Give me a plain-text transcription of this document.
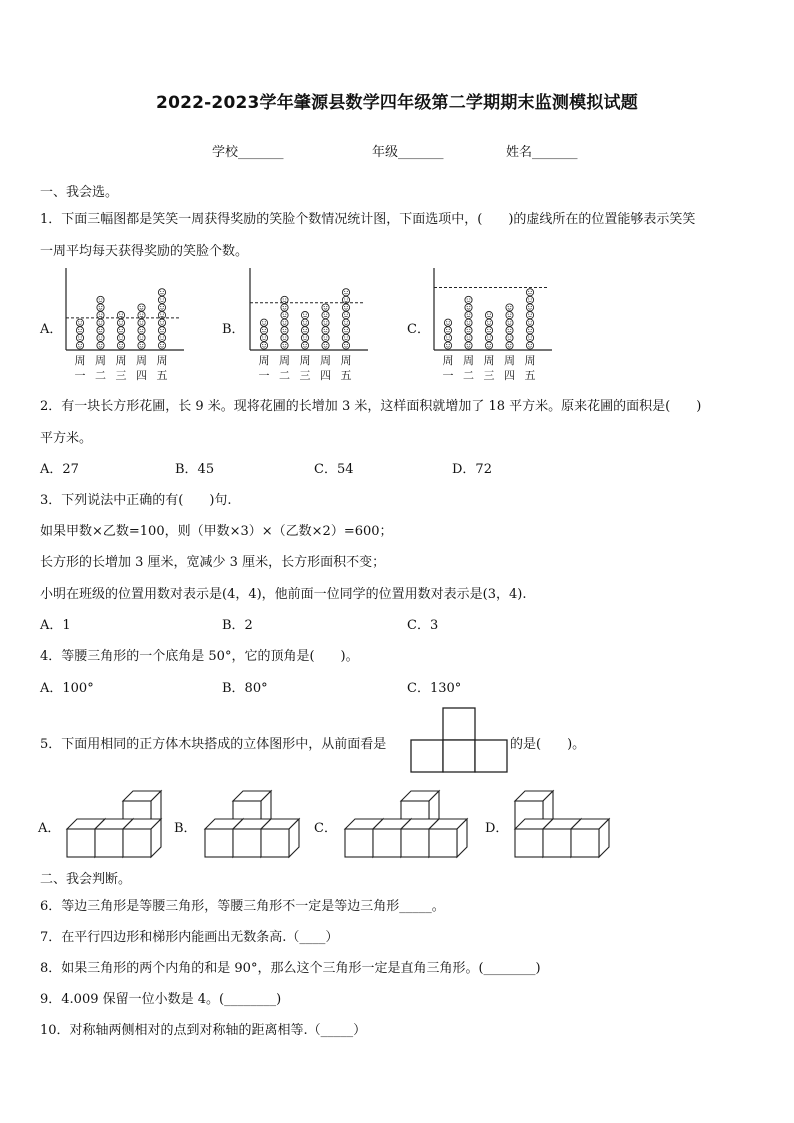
2022-2023学年肇源县数学四年级第二学期期末监测模拟试题
学校_______	年级_______	姓名_______
一、我会选。
1．下面三幅图都是笑笑一周获得奖励的笑脸个数情况统计图，下面选项中，(　　)的虚线所在的位置能够表示笑笑
一周平均每天获得奖励的笑脸个数。
A．	B．	C．
周
一
周
二
周
三
周
四
周
五
周
一
周
二
周
三
周
四
周
五
周
一
周
二
周
三
周
四
周
五
2．有一块长方形花圃，长 9 米。现将花圃的长增加 3 米，这样面积就增加了 18 平方米。原来花圃的面积是(　　)
平方米。
A．27	B．45	C．54	D．72
3．下列说法中正确的有(　　)句.
如果甲数×乙数=100，则（甲数×3）×（乙数×2）=600；
长方形的长增加 3 厘米，宽减少 3 厘米，长方形面积不变；
小明在班级的位置用数对表示是(4，4)，他前面一位同学的位置用数对表示是(3，4).
A．1	B．2	C．3
4．等腰三角形的一个底角是 50°，它的顶角是(　　)。
A．100°	B．80°	C．130°
5．下面用相同的正方体木块搭成的立体图形中，从前面看是	的是(　　)。
A．	B．	C．	D．
二、我会判断。
6．等边三角形是等腰三角形，等腰三角形不一定是等边三角形_____。
7．在平行四边形和梯形内能画出无数条高.（____）
8．如果三角形的两个内角的和是 90°，那么这个三角形一定是直角三角形。(________)
9．4.009 保留一位小数是 4。(________)
10．对称轴两侧相对的点到对称轴的距离相等.（_____）
